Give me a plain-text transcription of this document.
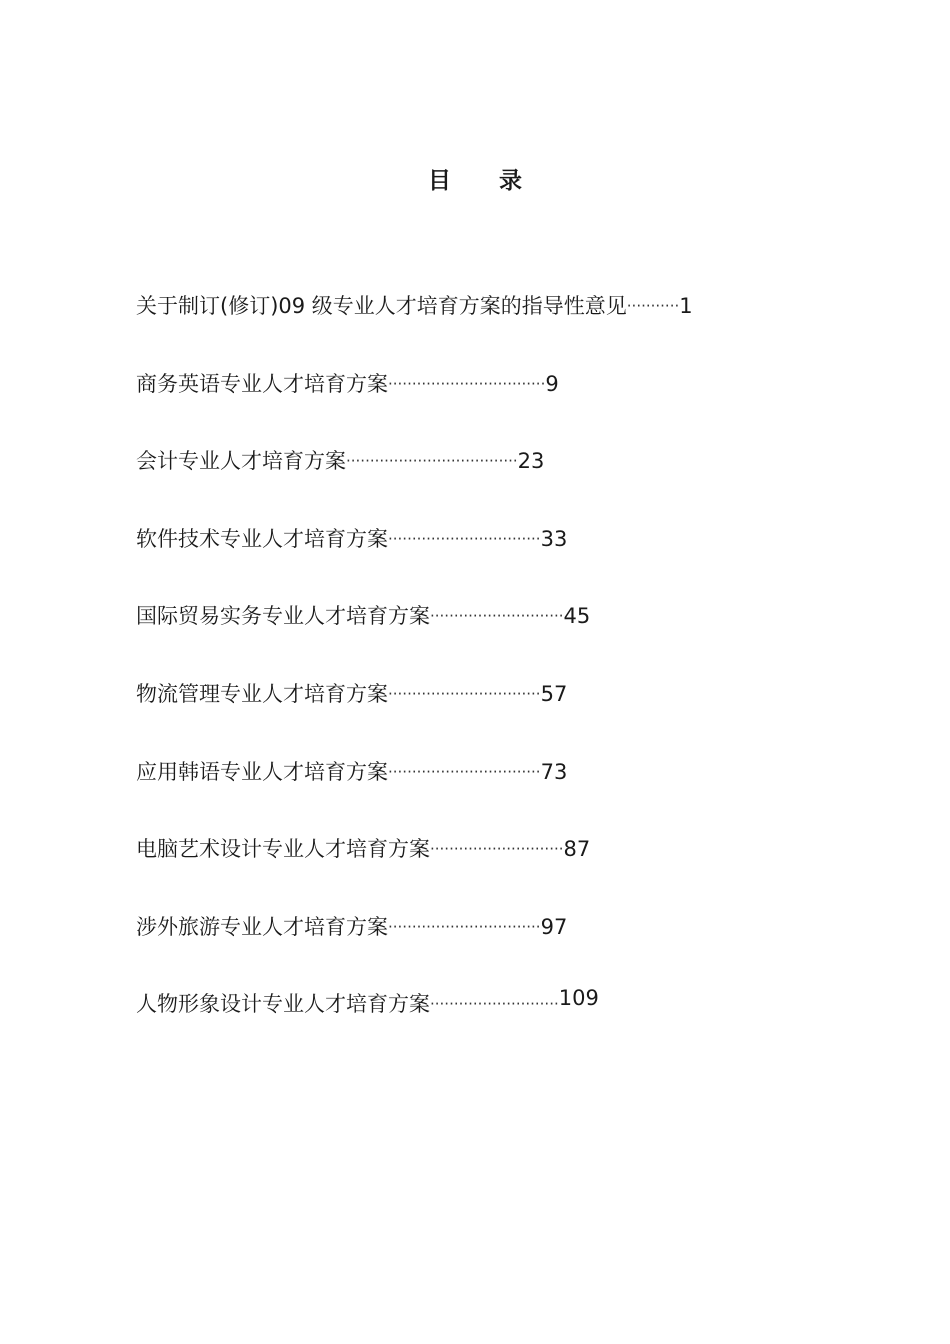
目 录
关于制订(修订)09 级专业人才培育方案的指导性意见 ··········· 1
商务英语专业人才培育方案 ································· 9
会计专业人才培育方案 ···································· 23
软件技术专业人才培育方案 ································ 33
国际贸易实务专业人才培育方案 ···························· 45
物流管理专业人才培育方案 ································ 57
应用韩语专业人才培育方案 ································ 73
电脑艺术设计专业人才培育方案 ···························· 87
涉外旅游专业人才培育方案 ································ 97
人物形象设计专业人才培育方案 ··························· 109
